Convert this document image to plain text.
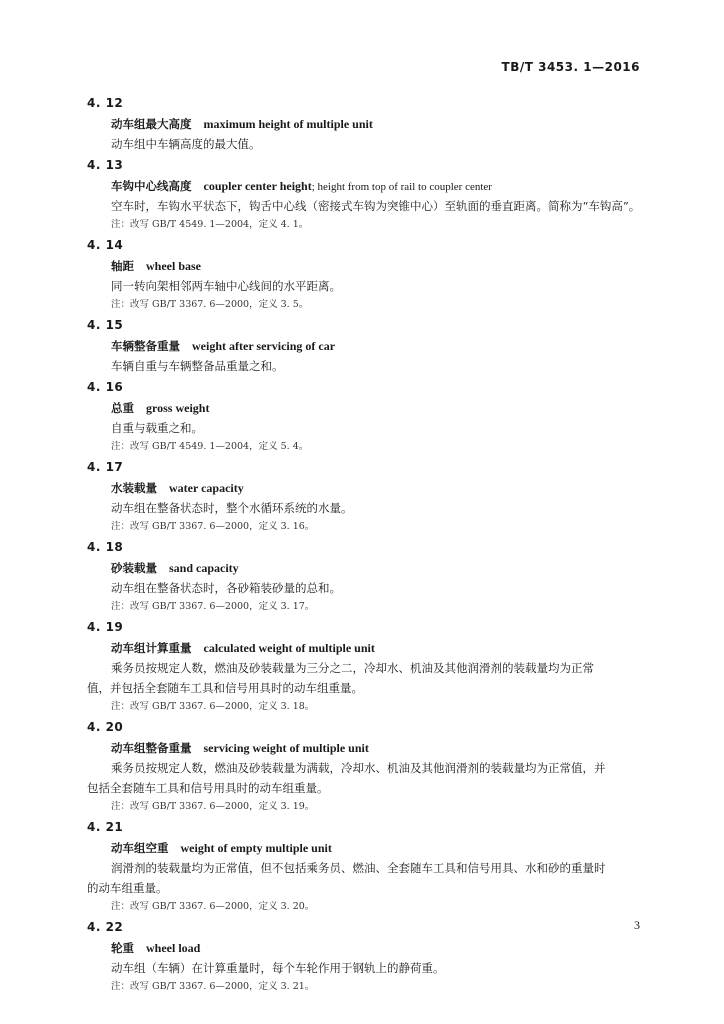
TB/T 3453. 1—2016
4. 12
动车组最大高度 maximum height of multiple unit
动车组中车辆高度的最大值。
4. 13
车钩中心线高度 coupler center height; height from top of rail to coupler center
空车时，车钩水平状态下，钩舌中心线（密接式车钩为突锥中心）至轨面的垂直距离。简称为“车钩高”。
注：改写 GB/T 4549. 1—2004，定义 4. 1。
4. 14
轴距 wheel base
同一转向架相邻两车轴中心线间的水平距离。
注：改写 GB/T 3367. 6—2000，定义 3. 5。
4. 15
车辆整备重量 weight after servicing of car
车辆自重与车辆整备品重量之和。
4. 16
总重 gross weight
自重与载重之和。
注：改写 GB/T 4549. 1—2004，定义 5. 4。
4. 17
水装载量 water capacity
动车组在整备状态时，整个水循环系统的水量。
注：改写 GB/T 3367. 6—2000，定义 3. 16。
4. 18
砂装载量 sand capacity
动车组在整备状态时，各砂箱装砂量的总和。
注：改写 GB/T 3367. 6—2000，定义 3. 17。
4. 19
动车组计算重量 calculated weight of multiple unit
乘务员按规定人数，燃油及砂装载量为三分之二，冷却水、机油及其他润滑剂的装载量均为正常
值，并包括全套随车工具和信号用具时的动车组重量。
注：改写 GB/T 3367. 6—2000，定义 3. 18。
4. 20
动车组整备重量 servicing weight of multiple unit
乘务员按规定人数，燃油及砂装载量为满载，冷却水、机油及其他润滑剂的装载量均为正常值，并
包括全套随车工具和信号用具时的动车组重量。
注：改写 GB/T 3367. 6—2000，定义 3. 19。
4. 21
动车组空重 weight of empty multiple unit
润滑剂的装载量均为正常值，但不包括乘务员、燃油、全套随车工具和信号用具、水和砂的重量时
的动车组重量。
注：改写 GB/T 3367. 6—2000，定义 3. 20。
4. 22
轮重 wheel load
动车组（车辆）在计算重量时，每个车轮作用于钢轨上的静荷重。
注：改写 GB/T 3367. 6—2000，定义 3. 21。
3
